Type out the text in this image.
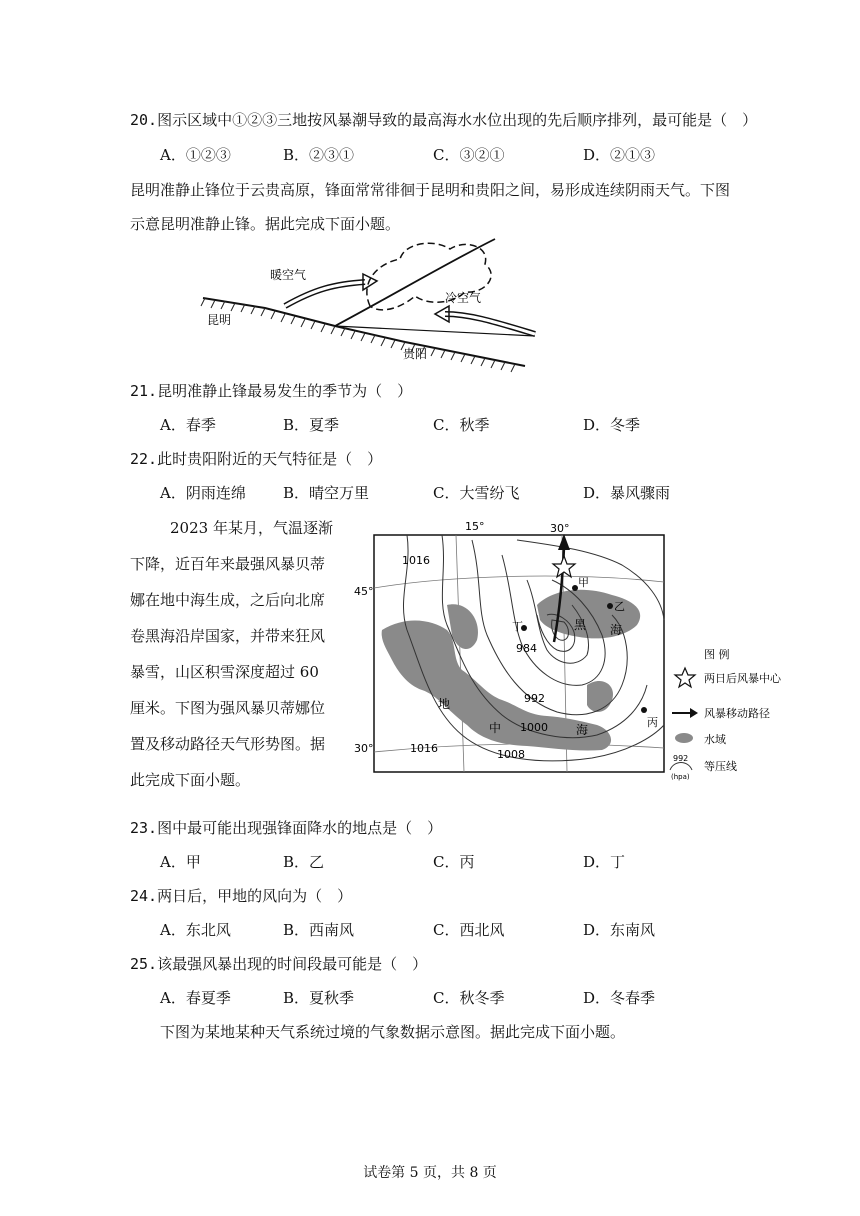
20.图示区域中①②③三地按风暴潮导致的最高海水水位出现的先后顺序排列，最可能是（　）
A．①②③	B．②③①	C．③②①	D．②①③
昆明准静止锋位于云贵高原，锋面常常徘徊于昆明和贵阳之间，易形成连续阴雨天气。下图
示意昆明准静止锋。据此完成下面小题。
暖空气
冷空气
昆明
贵阳
21.昆明准静止锋最易发生的季节为（　）
A．春季	B．夏季	C．秋季	D．冬季
22.此时贵阳附近的天气特征是（　）
A．阴雨连绵 B．晴空万里	C．大雪纷飞	D．暴风骤雨
2023 年某月，气温逐渐
下降，近百年来最强风暴贝蒂
娜在地中海生成，之后向北席
卷黑海沿岸国家，并带来狂风
暴雪，山区积雪深度超过 60
厘米。下图为强风暴贝蒂娜位
置及移动路径天气形势图。据
此完成下面小题。
15°	30°
45°
30°
1016
984
992
1000
1008
1016
甲
乙
丙
丁	黑 海
地
中	海
图 例
两日后风暴中心
风暴移动路径
水域
992
(hpa)
等压线
23.图中最可能出现强锋面降水的地点是（　）
A．甲	B．乙	C．丙	D．丁
24.两日后，甲地的风向为（　）
A．东北风	B．西南风	C．西北风	D．东南风
25.该最强风暴出现的时间段最可能是（　）
A．春夏季	B．夏秋季	C．秋冬季	D．冬春季
下图为某地某种天气系统过境的气象数据示意图。据此完成下面小题。
试卷第 5 页，共 8 页
